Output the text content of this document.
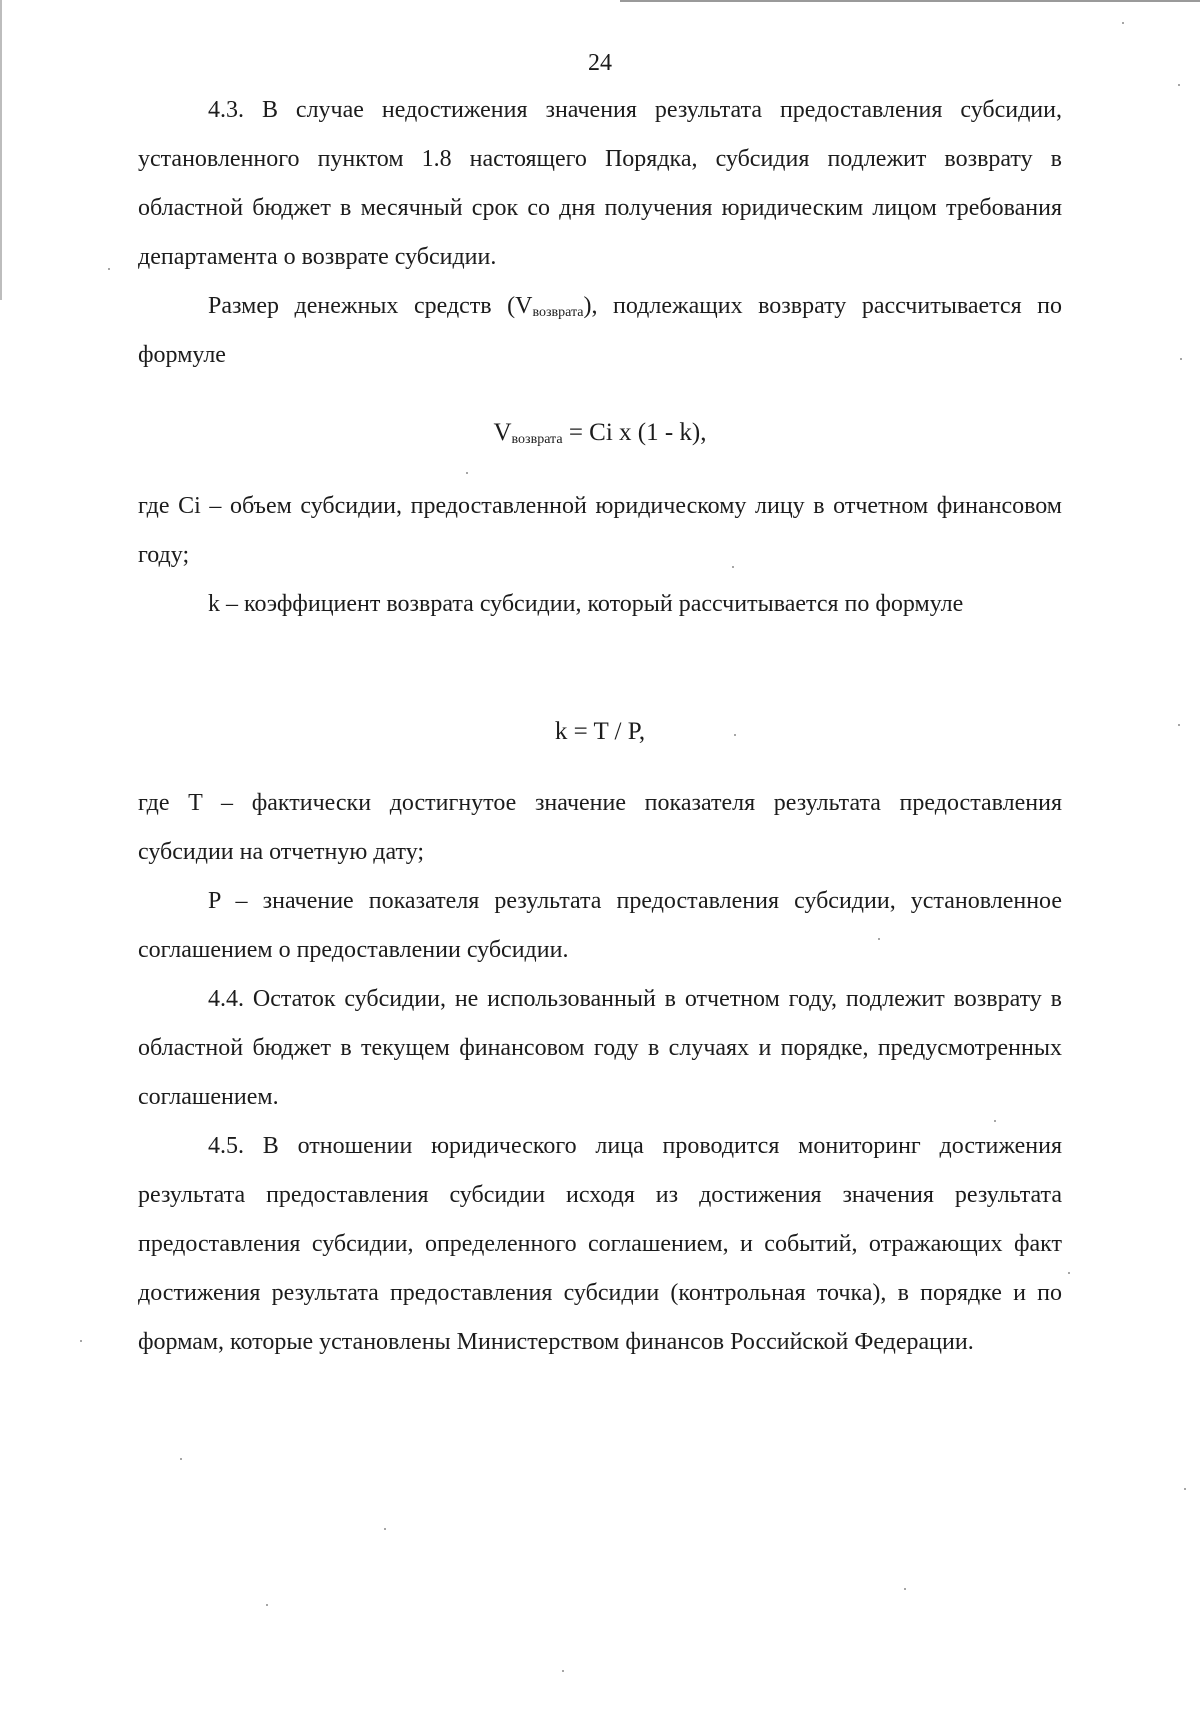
24

4.3. В случае недостижения значения результата предоставления субсидии, установленного пунктом 1.8 настоящего Порядка, субсидия подлежит возврату в областной бюджет в месячный срок со дня получения юридическим лицом требования департамента о возврате субсидии.

Размер денежных средств $(V_{возврата})$, подлежащих возврату рассчитывается по формуле

$V_{возврата} = Ci$ х (1 - k),

где Ci – объем субсидии, предоставленной юридическому лицу в отчетном финансовом году;

k – коэффициент возврата субсидии, который рассчитывается по формуле

k = T / P,

где T – фактически достигнутое значение показателя результата предоставления субсидии на отчетную дату;

P – значение показателя результата предоставления субсидии, установленное соглашением о предоставлении субсидии.

4.4. Остаток субсидии, не использованный в отчетном году, подлежит возврату в областной бюджет в текущем финансовом году в случаях и порядке, предусмотренных соглашением.

4.5. В отношении юридического лица проводится мониторинг достижения результата предоставления субсидии исходя из достижения значения результата предоставления субсидии, определенного соглашением, и событий, отражающих факт достижения результата предоставления субсидии (контрольная точка), в порядке и по формам, которые установлены Министерством финансов Российской Федерации.
